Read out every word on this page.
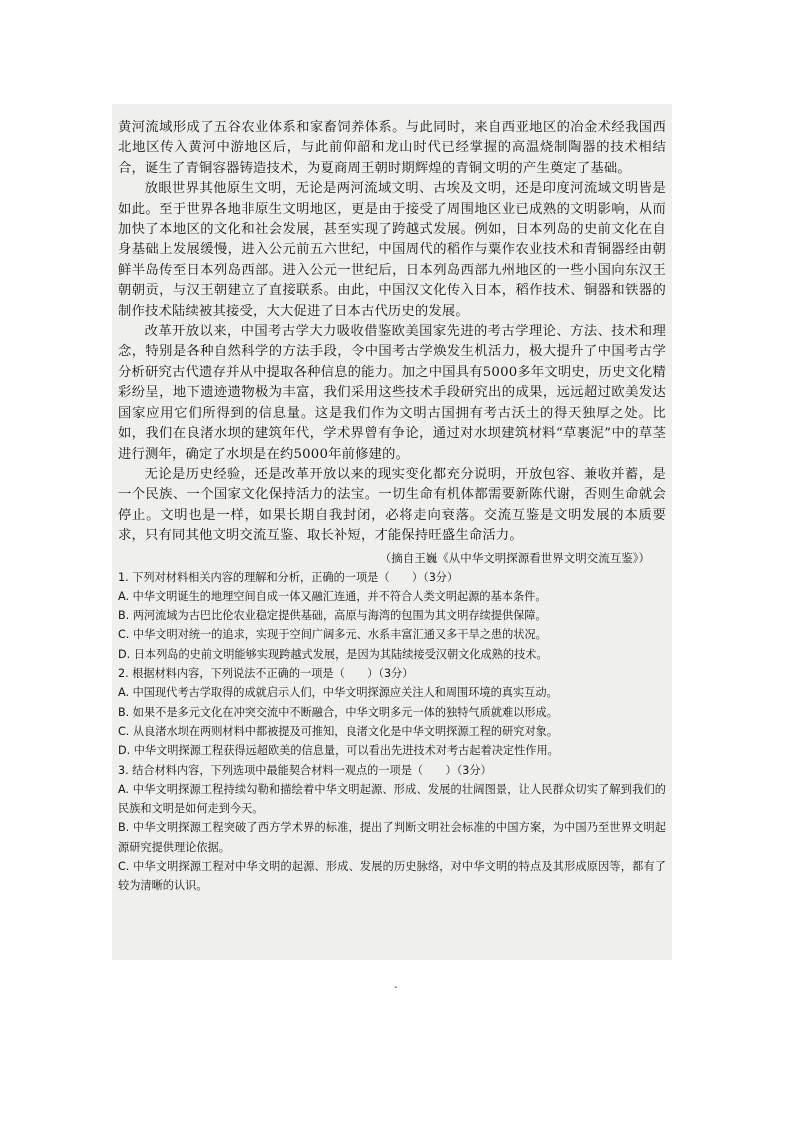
黄河流域形成了五谷农业体系和家畜饲养体系。与此同时，来自西亚地区的冶金术经我国西北地区传入黄河中游地区后，与此前仰韶和龙山时代已经掌握的高温烧制陶器的技术相结合，诞生了青铜容器铸造技术，为夏商周王朝时期辉煌的青铜文明的产生奠定了基础。

放眼世界其他原生文明，无论是两河流域文明、古埃及文明，还是印度河流域文明皆是如此。至于世界各地非原生文明地区，更是由于接受了周围地区业已成熟的文明影响，从而加快了本地区的文化和社会发展，甚至实现了跨越式发展。例如，日本列岛的史前文化在自身基础上发展缓慢，进入公元前五六世纪，中国周代的稻作与粟作农业技术和青铜器经由朝鲜半岛传至日本列岛西部。进入公元一世纪后，日本列岛西部九州地区的一些小国向东汉王朝朝贡，与汉王朝建立了直接联系。由此，中国汉文化传入日本，稻作技术、铜器和铁器的制作技术陆续被其接受，大大促进了日本古代历史的发展。

改革开放以来，中国考古学大力吸收借鉴欧美国家先进的考古学理论、方法、技术和理念，特别是各种自然科学的方法手段，令中国考古学焕发生机活力，极大提升了中国考古学分析研究古代遗存并从中提取各种信息的能力。加之中国具有5000多年文明史，历史文化精彩纷呈，地下遗迹遗物极为丰富，我们采用这些技术手段研究出的成果，远远超过欧美发达国家应用它们所得到的信息量。这是我们作为文明古国拥有考古沃土的得天独厚之处。比如，我们在良渚水坝的建筑年代，学术界曾有争论，通过对水坝建筑材料“草裹泥”中的草茎进行测年，确定了水坝是在约5000年前修建的。

无论是历史经验，还是改革开放以来的现实变化都充分说明，开放包容、兼收并蓄，是一个民族、一个国家文化保持活力的法宝。一切生命有机体都需要新陈代谢，否则生命就会停止。文明也是一样，如果长期自我封闭，必将走向衰落。交流互鉴是文明发展的本质要求，只有同其他文明交流互鉴、取长补短，才能保持旺盛生命活力。

（摘自王巍《从中华文明探源看世界文明交流互鉴》）

1. 下列对材料相关内容的理解和分析，正确的一项是（　　）（3分）

A. 中华文明诞生的地理空间自成一体又融汇连通，并不符合人类文明起源的基本条件。

B. 两河流域为古巴比伦农业稳定提供基础，高原与海湾的包围为其文明存续提供保障。

C. 中华文明对统一的追求，实现于空间广阔多元、水系丰富汇通又多干旱之患的状况。

D. 日本列岛的史前文明能够实现跨越式发展，是因为其陆续接受汉朝文化成熟的技术。

2. 根据材料内容，下列说法不正确的一项是（　　）（3分）

A. 中国现代考古学取得的成就启示人们，中华文明探源应关注人和周围环境的真实互动。

B. 如果不是多元文化在冲突交流中不断融合，中华文明多元一体的独特气质就难以形成。

C. 从良渚水坝在两则材料中都被提及可推知，良渚文化是中华文明探源工程的研究对象。

D. 中华文明探源工程获得远超欧美的信息量，可以看出先进技术对考古起着决定性作用。

3. 结合材料内容，下列选项中最能契合材料一观点的一项是（　　）（3分）

A. 中华文明探源工程持续勾勒和描绘着中华文明起源、形成、发展的壮阔图景，让人民群众切实了解到我们的民族和文明是如何走到今天。

B. 中华文明探源工程突破了西方学术界的标准，提出了判断文明社会标准的中国方案，为中国乃至世界文明起源研究提供理论依据。

C. 中华文明探源工程对中华文明的起源、形成、发展的历史脉络，对中华文明的特点及其形成原因等，都有了较为清晰的认识。

-
